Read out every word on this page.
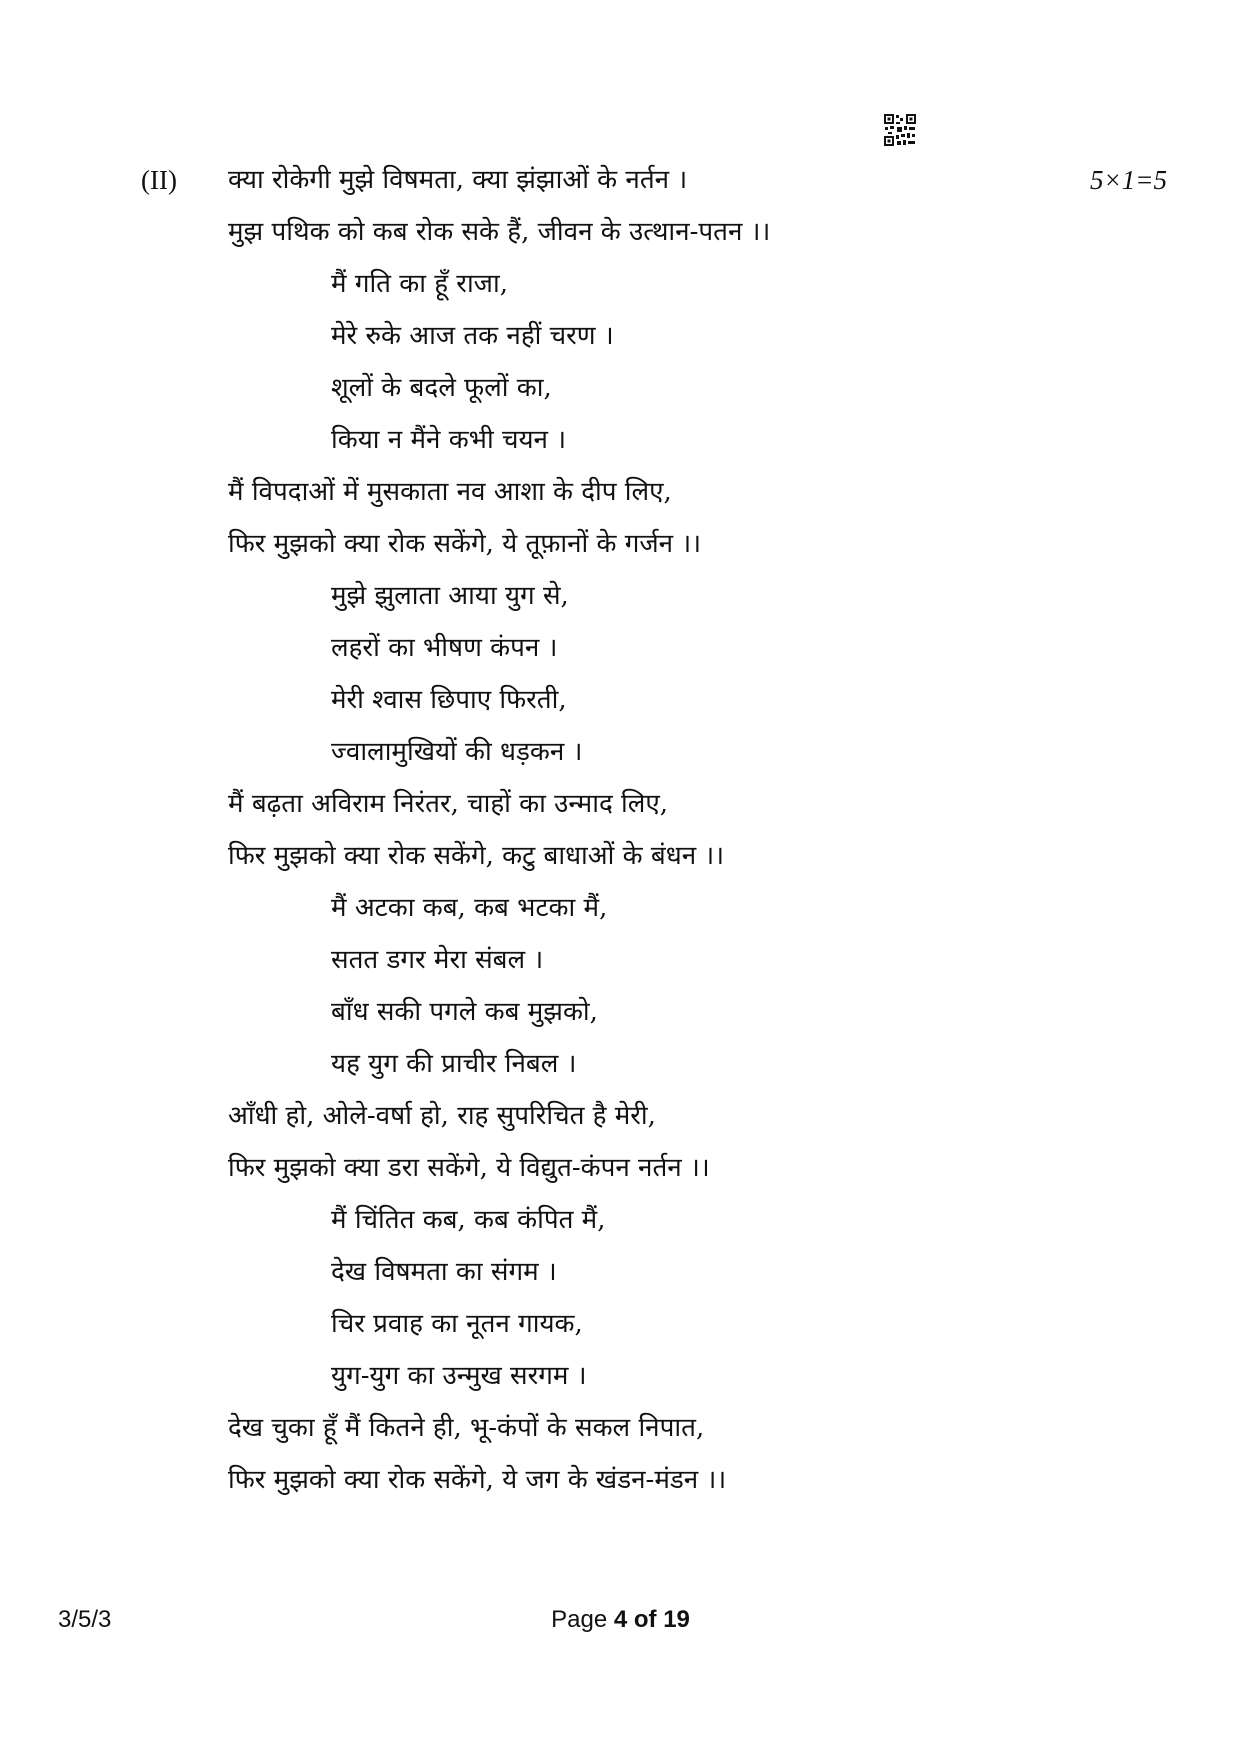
(II)	5×1=5
क्या रोकेगी मुझे विषमता, क्या झंझाओं के नर्तन ।
मुझ पथिक को कब रोक सके हैं, जीवन के उत्थान-पतन ।।
मैं गति का हूँ राजा,
मेरे रुके आज तक नहीं चरण ।
शूलों के बदले फूलों का,
किया न मैंने कभी चयन ।
मैं विपदाओं में मुसकाता नव आशा के दीप लिए,
फिर मुझको क्या रोक सकेंगे, ये तूफ़ानों के गर्जन ।।
मुझे झुलाता आया युग से,
लहरों का भीषण कंपन ।
मेरी श्वास छिपाए फिरती,
ज्वालामुखियों की धड़कन ।
मैं बढ़ता अविराम निरंतर, चाहों का उन्माद लिए,
फिर मुझको क्या रोक सकेंगे, कटु बाधाओं के बंधन ।।
मैं अटका कब, कब भटका मैं,
सतत डगर मेरा संबल ।
बाँध सकी पगले कब मुझको,
यह युग की प्राचीर निबल ।
आँधी हो, ओले-वर्षा हो, राह सुपरिचित है मेरी,
फिर मुझको क्या डरा सकेंगे, ये विद्युत-कंपन नर्तन ।।
मैं चिंतित कब, कब कंपित मैं,
देख विषमता का संगम ।
चिर प्रवाह का नूतन गायक,
युग-युग का उन्मुख सरगम ।
देख चुका हूँ मैं कितने ही, भू-कंपों के सकल निपात,
फिर मुझको क्या रोक सकेंगे, ये जग के खंडन-मंडन ।।
3/5/3	Page 4 of 19
